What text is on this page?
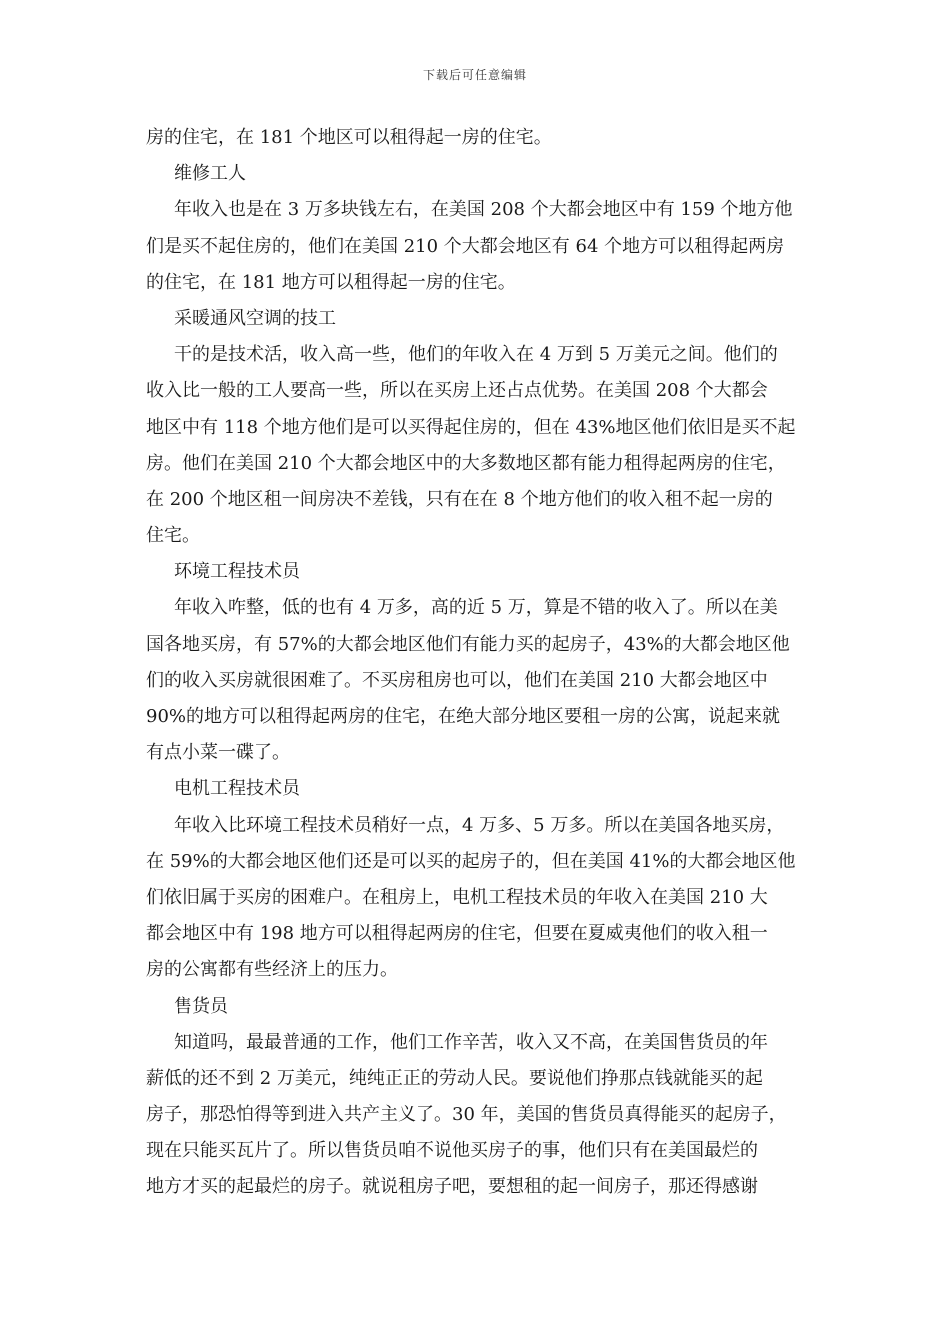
下载后可任意编辑
房的住宅，在 181 个地区可以租得起一房的住宅。
维修工人
年收入也是在 3 万多块钱左右，在美国 208 个大都会地区中有 159 个地方他
们是买不起住房的，他们在美国 210 个大都会地区有 64 个地方可以租得起两房
的住宅，在 181 地方可以租得起一房的住宅。
采暖通风空调的技工
干的是技术活，收入高一些，他们的年收入在 4 万到 5 万美元之间。他们的
收入比一般的工人要高一些，所以在买房上还占点优势。在美国 208 个大都会
地区中有 118 个地方他们是可以买得起住房的，但在 43%地区他们依旧是买不起
房。他们在美国 210 个大都会地区中的大多数地区都有能力租得起两房的住宅，
在 200 个地区租一间房决不差钱，只有在在 8 个地方他们的收入租不起一房的
住宅。
环境工程技术员
年收入咋整，低的也有 4 万多，高的近 5 万，算是不错的收入了。所以在美
国各地买房，有 57%的大都会地区他们有能力买的起房子，43%的大都会地区他
们的收入买房就很困难了。不买房租房也可以，他们在美国 210 大都会地区中
90%的地方可以租得起两房的住宅，在绝大部分地区要租一房的公寓，说起来就
有点小菜一碟了。
电机工程技术员
年收入比环境工程技术员稍好一点，4 万多、5 万多。所以在美国各地买房，
在 59%的大都会地区他们还是可以买的起房子的，但在美国 41%的大都会地区他
们依旧属于买房的困难户。在租房上，电机工程技术员的年收入在美国 210 大
都会地区中有 198 地方可以租得起两房的住宅，但要在夏威夷他们的收入租一
房的公寓都有些经济上的压力。
售货员
知道吗，最最普通的工作，他们工作辛苦，收入又不高，在美国售货员的年
薪低的还不到 2 万美元，纯纯正正的劳动人民。要说他们挣那点钱就能买的起
房子，那恐怕得等到进入共产主义了。30 年，美国的售货员真得能买的起房子，
现在只能买瓦片了。所以售货员咱不说他买房子的事，他们只有在美国最烂的
地方才买的起最烂的房子。就说租房子吧，要想租的起一间房子，那还得感谢
